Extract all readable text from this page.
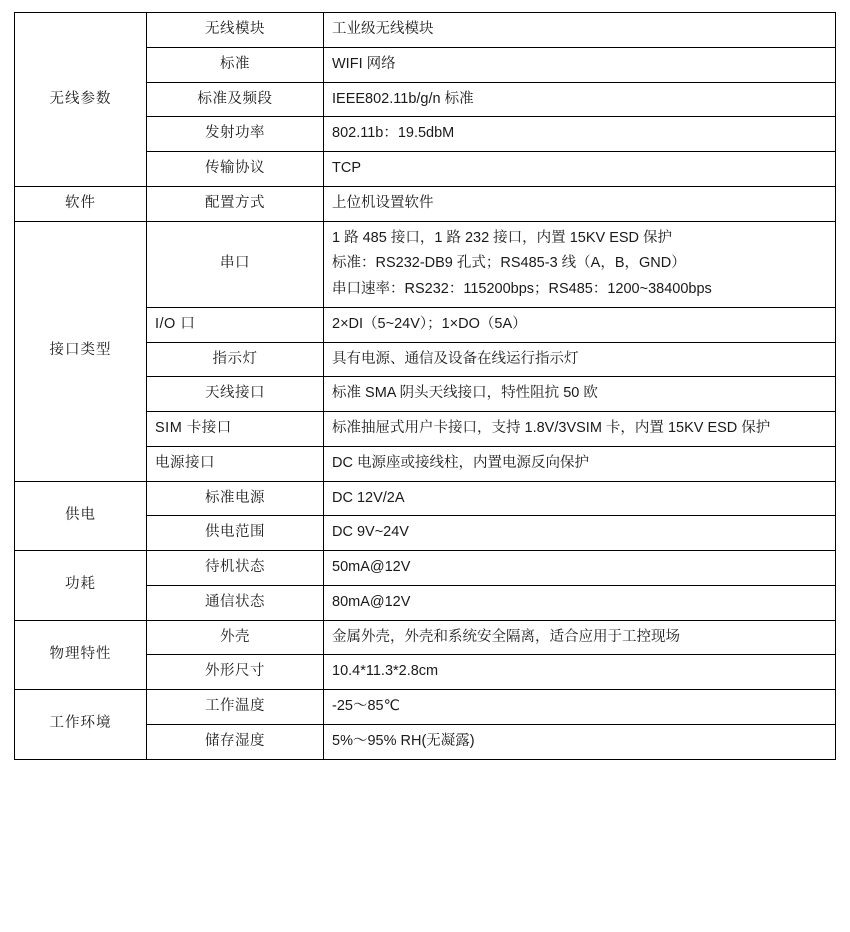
无线参数	无线模块	工业级无线模块

	标准	WIFI 网络

	标准及频段	IEEE802.11b/g/n 标准

	发射功率	802.11b：19.5dbM

	传输协议	TCP

软件	配置方式	上位机设置软件

接口类型	串口	1 路 485 接口，1 路 232 接口，内置 15KV ESD 保护
标准：RS232-DB9 孔式；RS485-3 线（A，B，GND）
串口速率：RS232：115200bps；RS485：1200~38400bps

	I/O 口	2×DI（5~24V）；1×DO（5A）

	指示灯	具有电源、通信及设备在线运行指示灯

	天线接口	标准 SMA 阴头天线接口，特性阻抗 50 欧

	SIM 卡接口	标准抽屉式用户卡接口，支持 1.8V/3VSIM 卡，内置 15KV ESD 保护

	电源接口	DC 电源座或接线柱，内置电源反向保护

供电	标准电源	DC 12V/2A

	供电范围	DC 9V~24V

功耗	待机状态	50mA@12V

	通信状态	80mA@12V

物理特性	外壳	金属外壳，外壳和系统安全隔离，适合应用于工控现场

	外形尺寸	10.4*11.3*2.8cm

工作环境	工作温度	-25～85℃

	储存湿度	5%～95% RH(无凝露)
